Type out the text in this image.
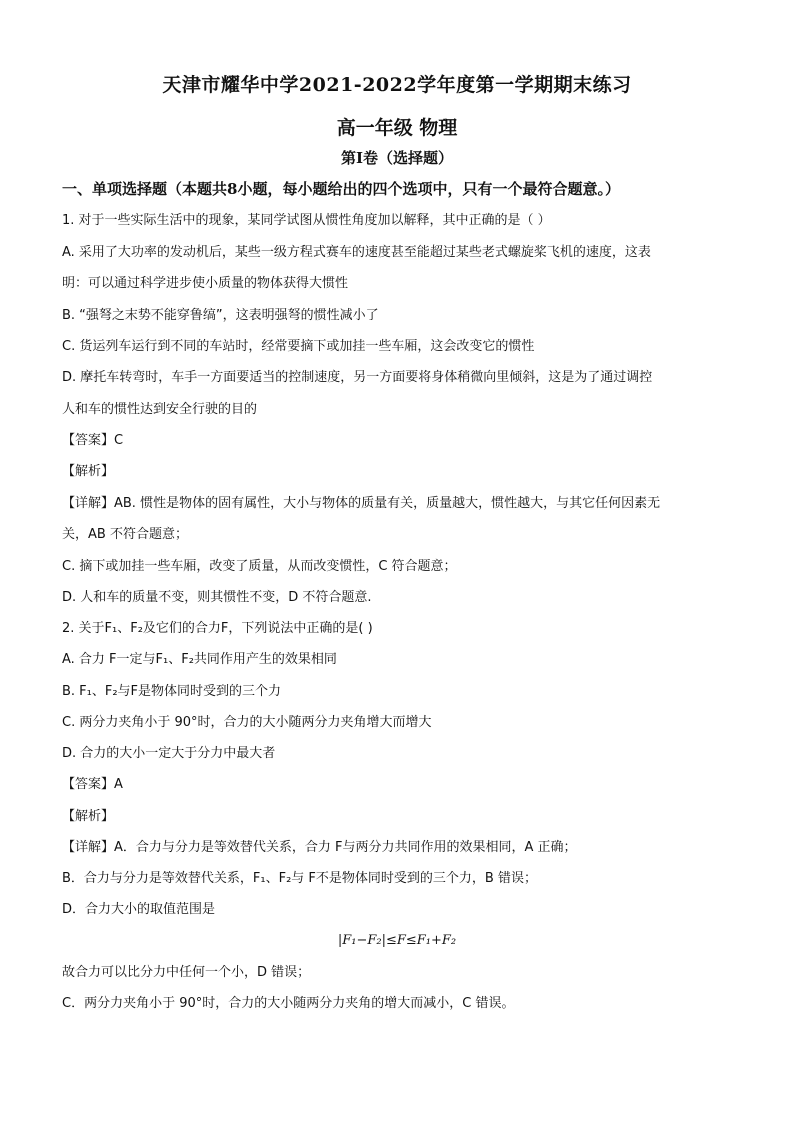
天津市耀华中学2021-2022学年度第一学期期末练习
高一年级 物理
第Ⅰ卷（选择题）
一、单项选择题（本题共8小题，每小题给出的四个选项中，只有一个最符合题意。）
1. 对于一些实际生活中的现象，某同学试图从惯性角度加以解释，其中正确的是（ ）
A. 采用了大功率的发动机后，某些一级方程式赛车的速度甚至能超过某些老式螺旋桨飞机的速度，这表
明：可以通过科学进步使小质量的物体获得大惯性
B. “强弩之末势不能穿鲁缟”，这表明强弩的惯性减小了
C. 货运列车运行到不同的车站时，经常要摘下或加挂一些车厢，这会改变它的惯性
D. 摩托车转弯时，车手一方面要适当的控制速度，另一方面要将身体稍微向里倾斜，这是为了通过调控
人和车的惯性达到安全行驶的目的
【答案】C
【解析】
【详解】AB. 惯性是物体的固有属性，大小与物体的质量有关，质量越大，惯性越大，与其它任何因素无
关，AB 不符合题意；
C. 摘下或加挂一些车厢，改变了质量，从而改变惯性，C 符合题意；
D. 人和车的质量不变，则其惯性不变，D 不符合题意.
2. 关于F₁、F₂及它们的合力F，下列说法中正确的是( )
A. 合力 F一定与F₁、F₂共同作用产生的效果相同
B. F₁、F₂与F是物体同时受到的三个力
C. 两分力夹角小于 90°时，合力的大小随两分力夹角增大而增大
D. 合力的大小一定大于分力中最大者
【答案】A
【解析】
【详解】A．合力与分力是等效替代关系，合力 F与两分力共同作用的效果相同，A 正确；
B．合力与分力是等效替代关系，F₁、F₂与 F不是物体同时受到的三个力，B 错误；
D．合力大小的取值范围是
|F₁−F₂|≤F≤F₁+F₂
故合力可以比分力中任何一个小，D 错误；
C．两分力夹角小于 90°时，合力的大小随两分力夹角的增大而减小，C 错误。
